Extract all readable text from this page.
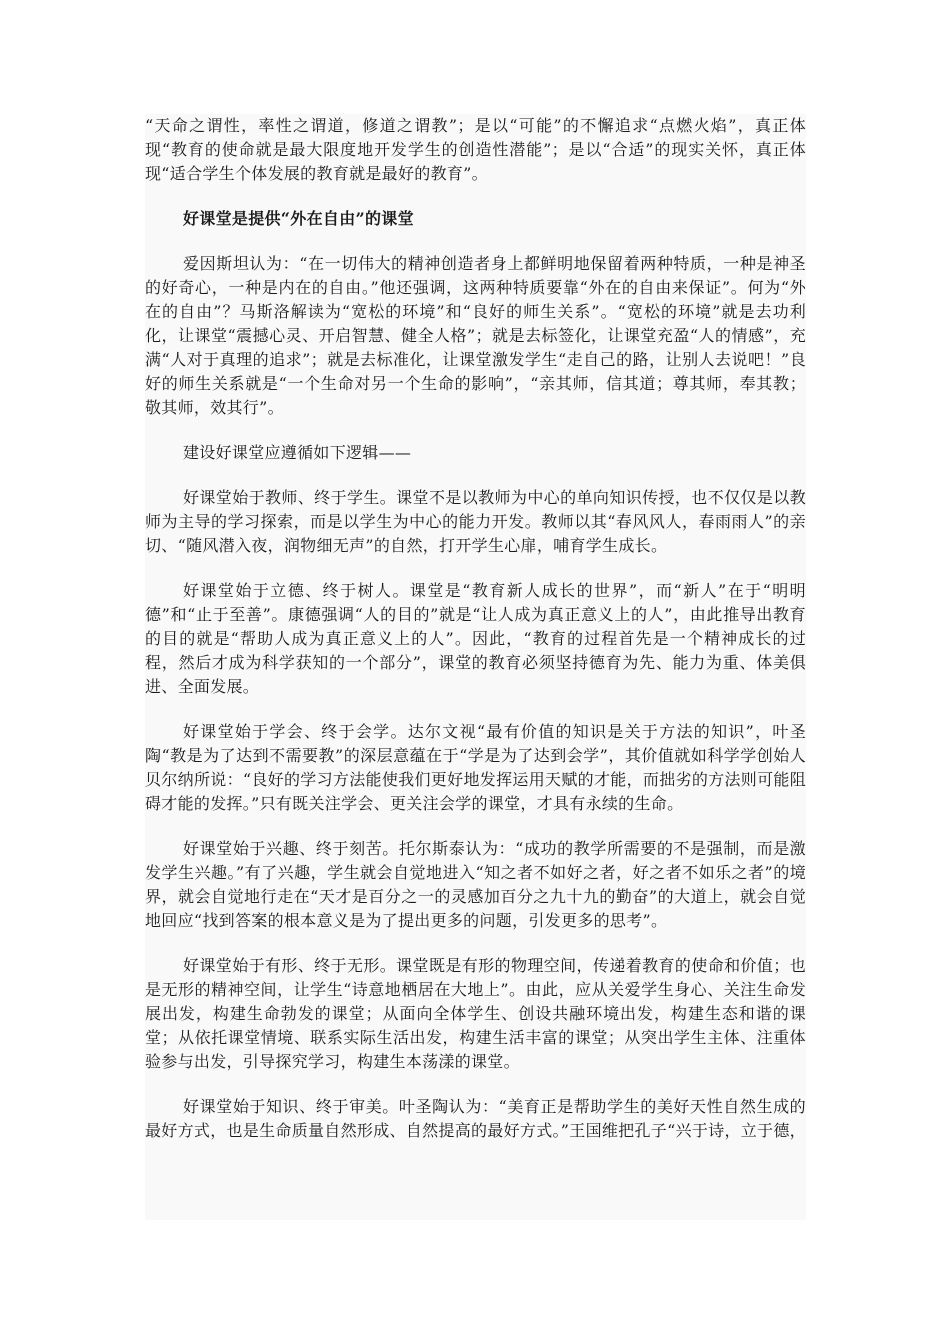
“天命之谓性，率性之谓道，修道之谓教”；是以“可能”的不懈追求“点燃火焰”，真正体现“教育的使命就是最大限度地开发学生的创造性潜能”；是以“合适”的现实关怀，真正体现“适合学生个体发展的教育就是最好的教育”。

好课堂是提供“外在自由”的课堂

爱因斯坦认为：“在一切伟大的精神创造者身上都鲜明地保留着两种特质，一种是神圣的好奇心，一种是内在的自由。”他还强调，这两种特质要靠“外在的自由来保证”。何为“外在的自由”？马斯洛解读为“宽松的环境”和“良好的师生关系”。“宽松的环境”就是去功利化，让课堂“震撼心灵、开启智慧、健全人格”；就是去标签化，让课堂充盈“人的情感”，充满“人对于真理的追求”；就是去标准化，让课堂激发学生“走自己的路，让别人去说吧！”良好的师生关系就是“一个生命对另一个生命的影响”，“亲其师，信其道；尊其师，奉其教；敬其师，效其行”。

建设好课堂应遵循如下逻辑——

好课堂始于教师、终于学生。课堂不是以教师为中心的单向知识传授，也不仅仅是以教师为主导的学习探索，而是以学生为中心的能力开发。教师以其“春风风人，春雨雨人”的亲切、“随风潜入夜，润物细无声”的自然，打开学生心扉，哺育学生成长。

好课堂始于立德、终于树人。课堂是“教育新人成长的世界”，而“新人”在于“明明德”和“止于至善”。康德强调“人的目的”就是“让人成为真正意义上的人”，由此推导出教育的目的就是“帮助人成为真正意义上的人”。因此，“教育的过程首先是一个精神成长的过程，然后才成为科学获知的一个部分”，课堂的教育必须坚持德育为先、能力为重、体美俱进、全面发展。

好课堂始于学会、终于会学。达尔文视“最有价值的知识是关于方法的知识”，叶圣陶“教是为了达到不需要教”的深层意蕴在于“学是为了达到会学”，其价值就如科学学创始人贝尔纳所说：“良好的学习方法能使我们更好地发挥运用天赋的才能，而拙劣的方法则可能阻碍才能的发挥。”只有既关注学会、更关注会学的课堂，才具有永续的生命。

好课堂始于兴趣、终于刻苦。托尔斯泰认为：“成功的教学所需要的不是强制，而是激发学生兴趣。”有了兴趣，学生就会自觉地进入“知之者不如好之者，好之者不如乐之者”的境界，就会自觉地行走在“天才是百分之一的灵感加百分之九十九的勤奋”的大道上，就会自觉地回应“找到答案的根本意义是为了提出更多的问题，引发更多的思考”。

好课堂始于有形、终于无形。课堂既是有形的物理空间，传递着教育的使命和价值；也是无形的精神空间，让学生“诗意地栖居在大地上”。由此，应从关爱学生身心、关注生命发展出发，构建生命勃发的课堂；从面向全体学生、创设共融环境出发，构建生态和谐的课堂；从依托课堂情境、联系实际生活出发，构建生活丰富的课堂；从突出学生主体、注重体验参与出发，引导探究学习，构建生本荡漾的课堂。

好课堂始于知识、终于审美。叶圣陶认为：“美育正是帮助学生的美好天性自然生成的最好方式，也是生命质量自然形成、自然提高的最好方式。”王国维把孔子“兴于诗，立于德，
